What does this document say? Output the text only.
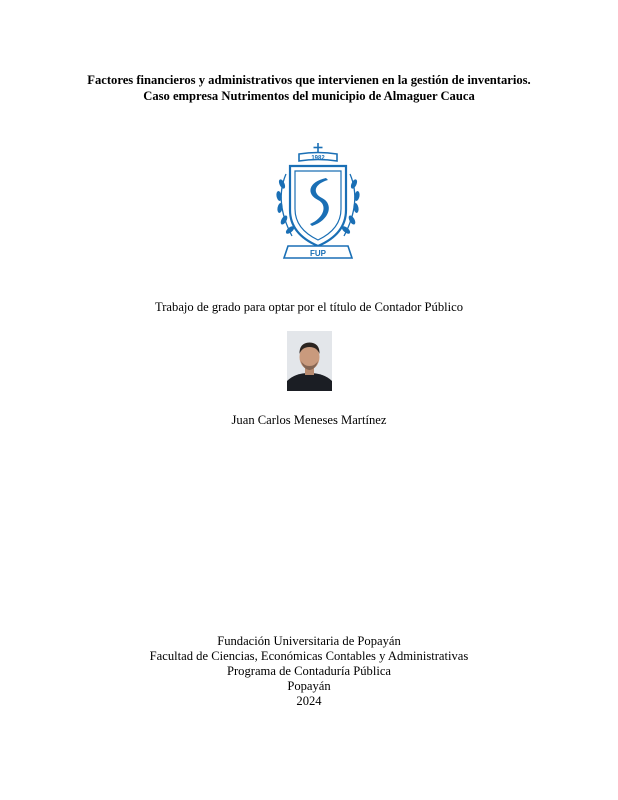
Factores financieros y administrativos que intervienen en la gestión de inventarios.
Caso empresa Nutrimentos del municipio de Almaguer Cauca
1982
FUP
Trabajo de grado para optar por el título de Contador Público
Juan Carlos Meneses Martínez
Fundación Universitaria de Popayán
Facultad de Ciencias, Económicas Contables y Administrativas
Programa de Contaduría Pública
Popayán
2024
